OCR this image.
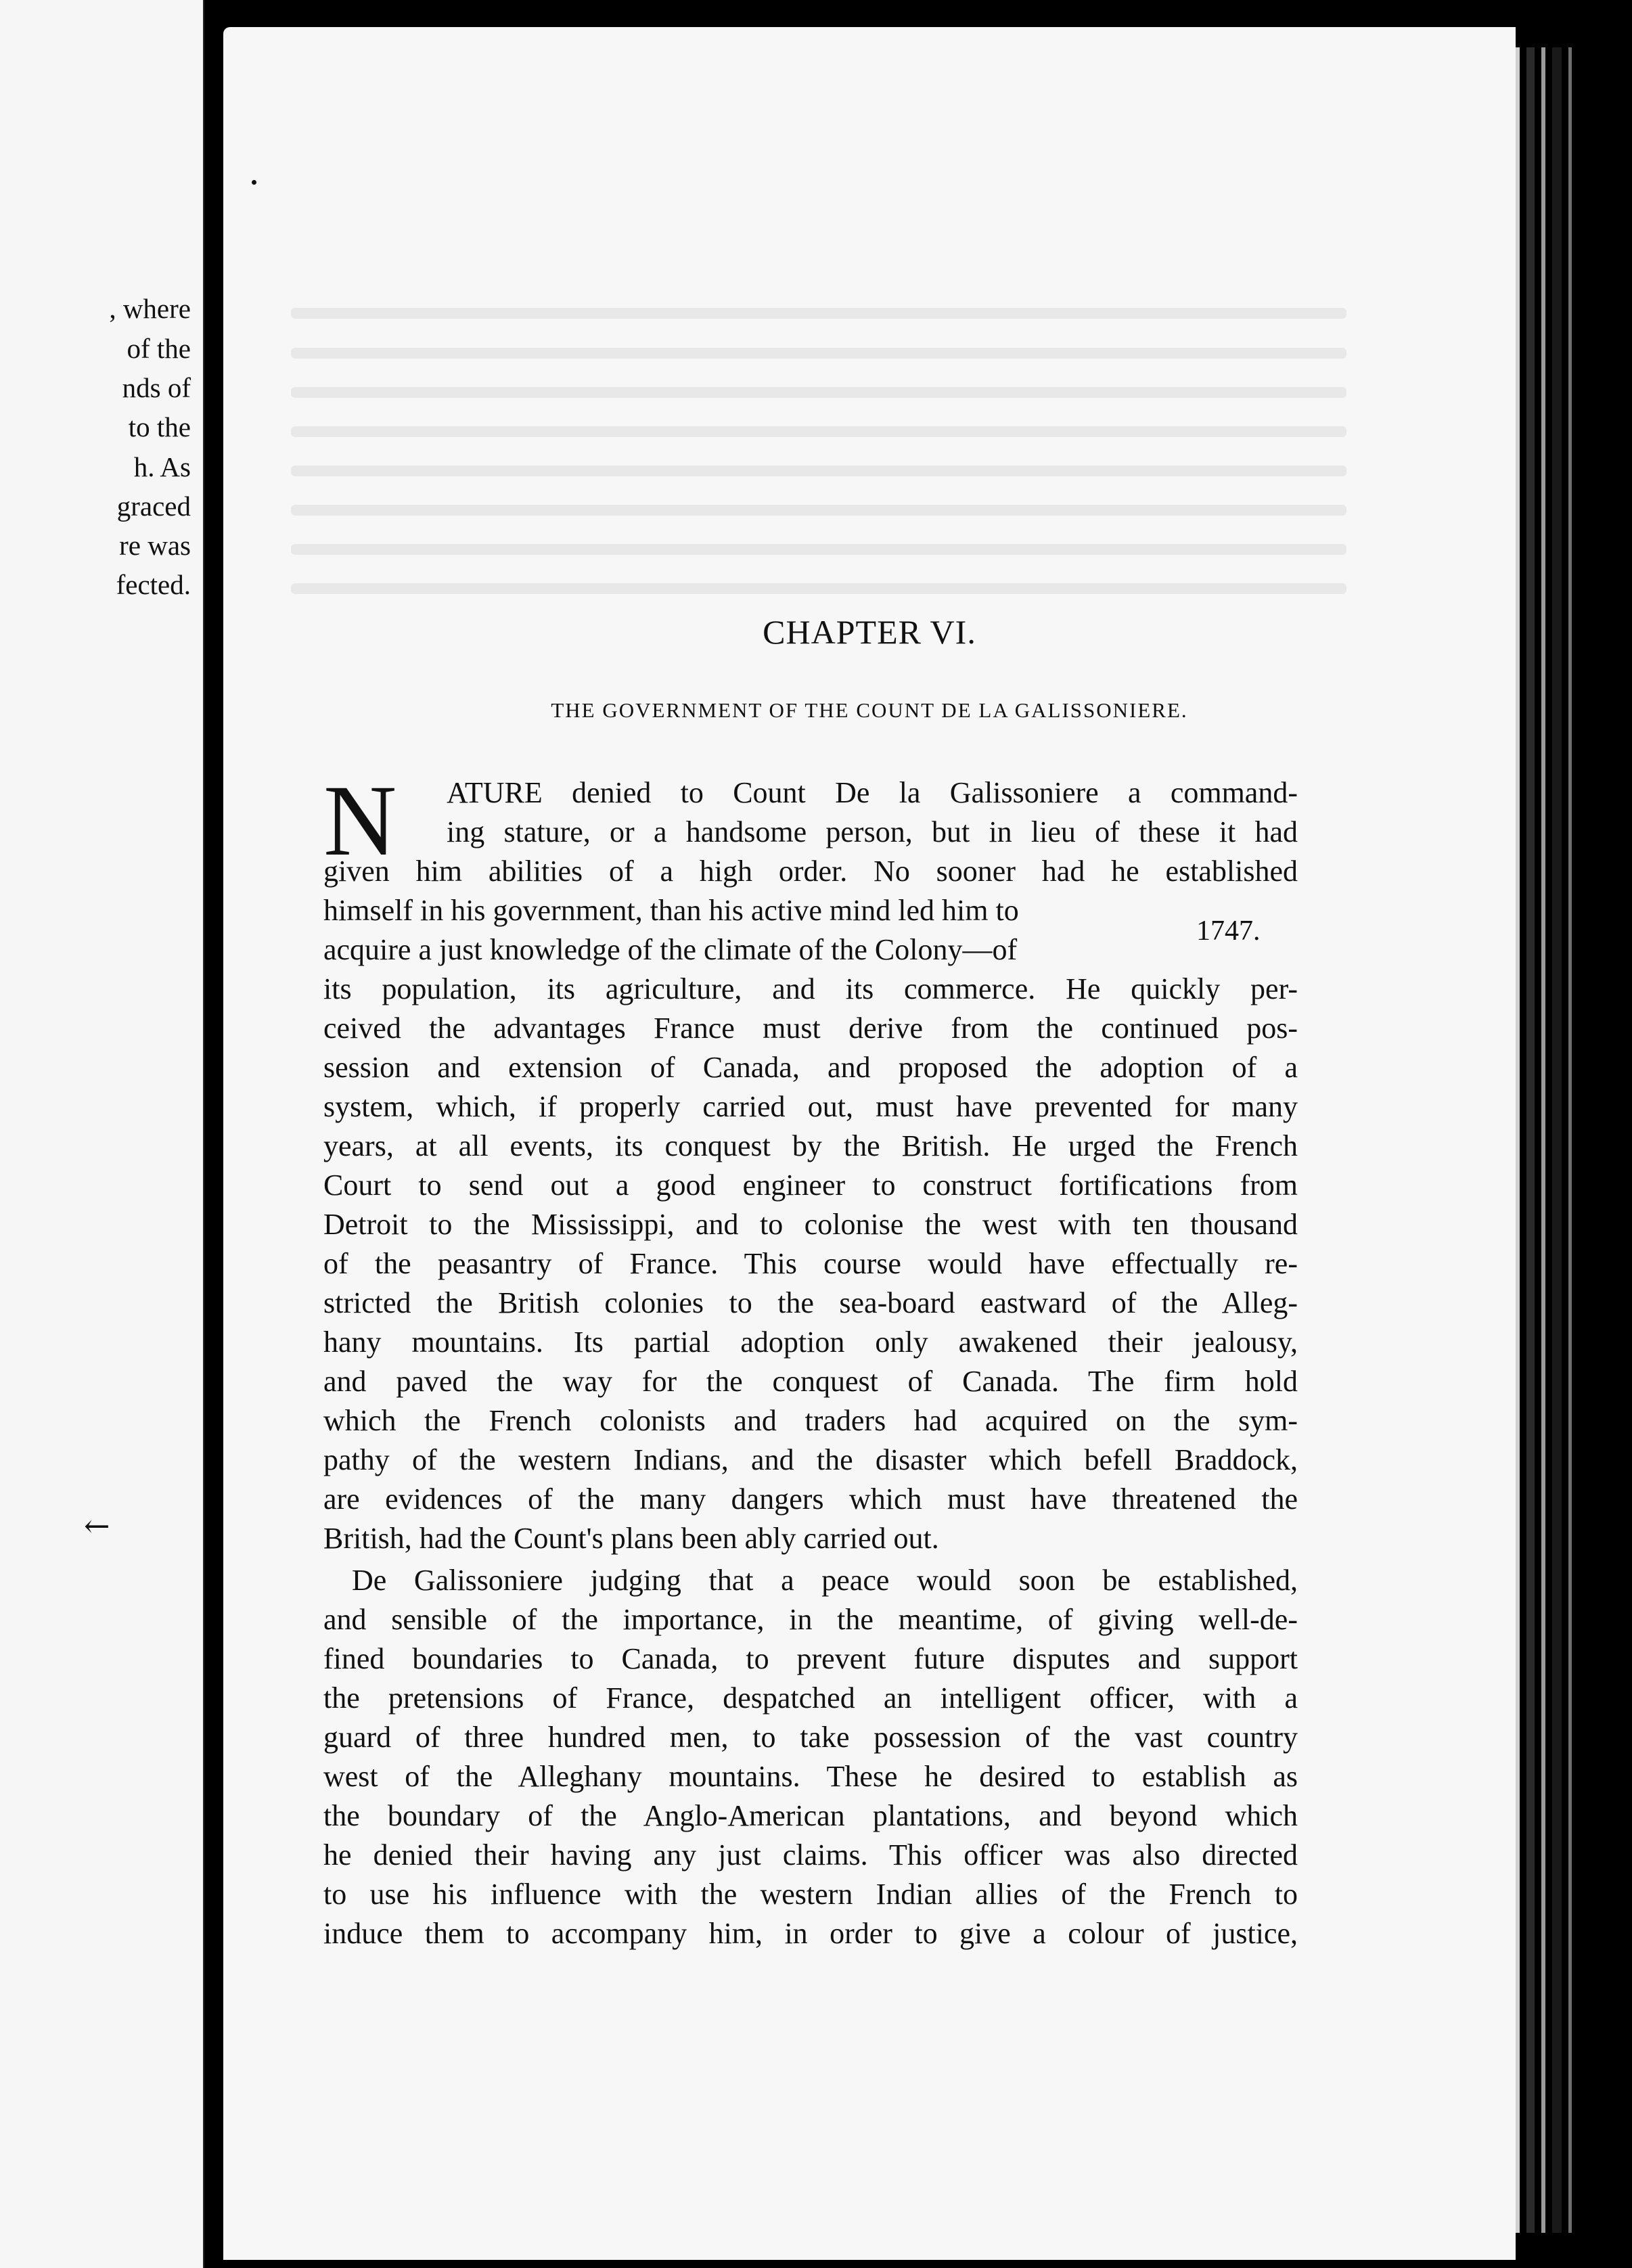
, where
of the
nds of
to the
h. As
graced
re was
fected.
←
CHAPTER VI.
THE GOVERNMENT OF THE COUNT DE LA GALISSONIERE.
N
1747.
ATURE denied to Count De la Galissoniere a command-
ing stature, or a handsome person, but in lieu of these it had
given him abilities of a high order. No sooner had he established
himself in his government, than his active mind led him to
acquire a just knowledge of the climate of the Colony—of
its population, its agriculture, and its commerce. He quickly per-
ceived the advantages France must derive from the continued pos-
session and extension of Canada, and proposed the adoption of a
system, which, if properly carried out, must have prevented for many
years, at all events, its conquest by the British. He urged the French
Court to send out a good engineer to construct fortifications from
Detroit to the Mississippi, and to colonise the west with ten thousand
of the peasantry of France. This course would have effectually re-
stricted the British colonies to the sea-board eastward of the Alleg-
hany mountains. Its partial adoption only awakened their jealousy,
and paved the way for the conquest of Canada. The firm hold
which the French colonists and traders had acquired on the sym-
pathy of the western Indians, and the disaster which befell Braddock,
are evidences of the many dangers which must have threatened the
British, had the Count's plans been ably carried out.
De Galissoniere judging that a peace would soon be established,
and sensible of the importance, in the meantime, of giving well-de-
fined boundaries to Canada, to prevent future disputes and support
the pretensions of France, despatched an intelligent officer, with a
guard of three hundred men, to take possession of the vast country
west of the Alleghany mountains. These he desired to establish as
the boundary of the Anglo-American plantations, and beyond which
he denied their having any just claims. This officer was also directed
to use his influence with the western Indian allies of the French to
induce them to accompany him, in order to give a colour of justice,
